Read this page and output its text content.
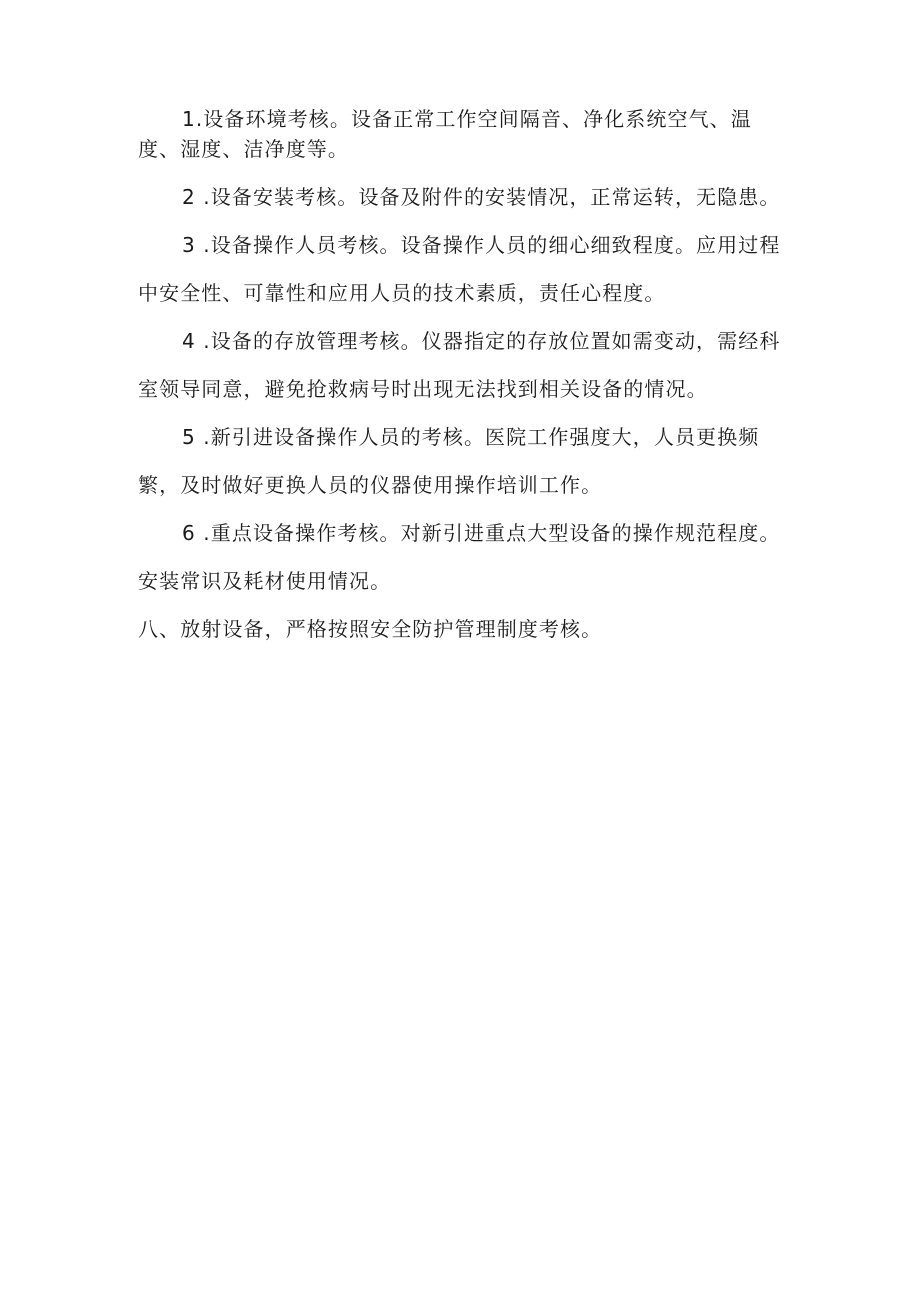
1.设备环境考核。设备正常工作空间隔音、净化系统空气、温度、湿度、洁净度等。

2 .设备安装考核。设备及附件的安装情况，正常运转，无隐患。

3 .设备操作人员考核。设备操作人员的细心细致程度。应用过程中安全性、可靠性和应用人员的技术素质，责任心程度。

4 .设备的存放管理考核。仪器指定的存放位置如需变动，需经科室领导同意，避免抢救病号时出现无法找到相关设备的情况。

5 .新引进设备操作人员的考核。医院工作强度大，人员更换频繁，及时做好更换人员的仪器使用操作培训工作。

6 .重点设备操作考核。对新引进重点大型设备的操作规范程度。安装常识及耗材使用情况。

八、放射设备，严格按照安全防护管理制度考核。
